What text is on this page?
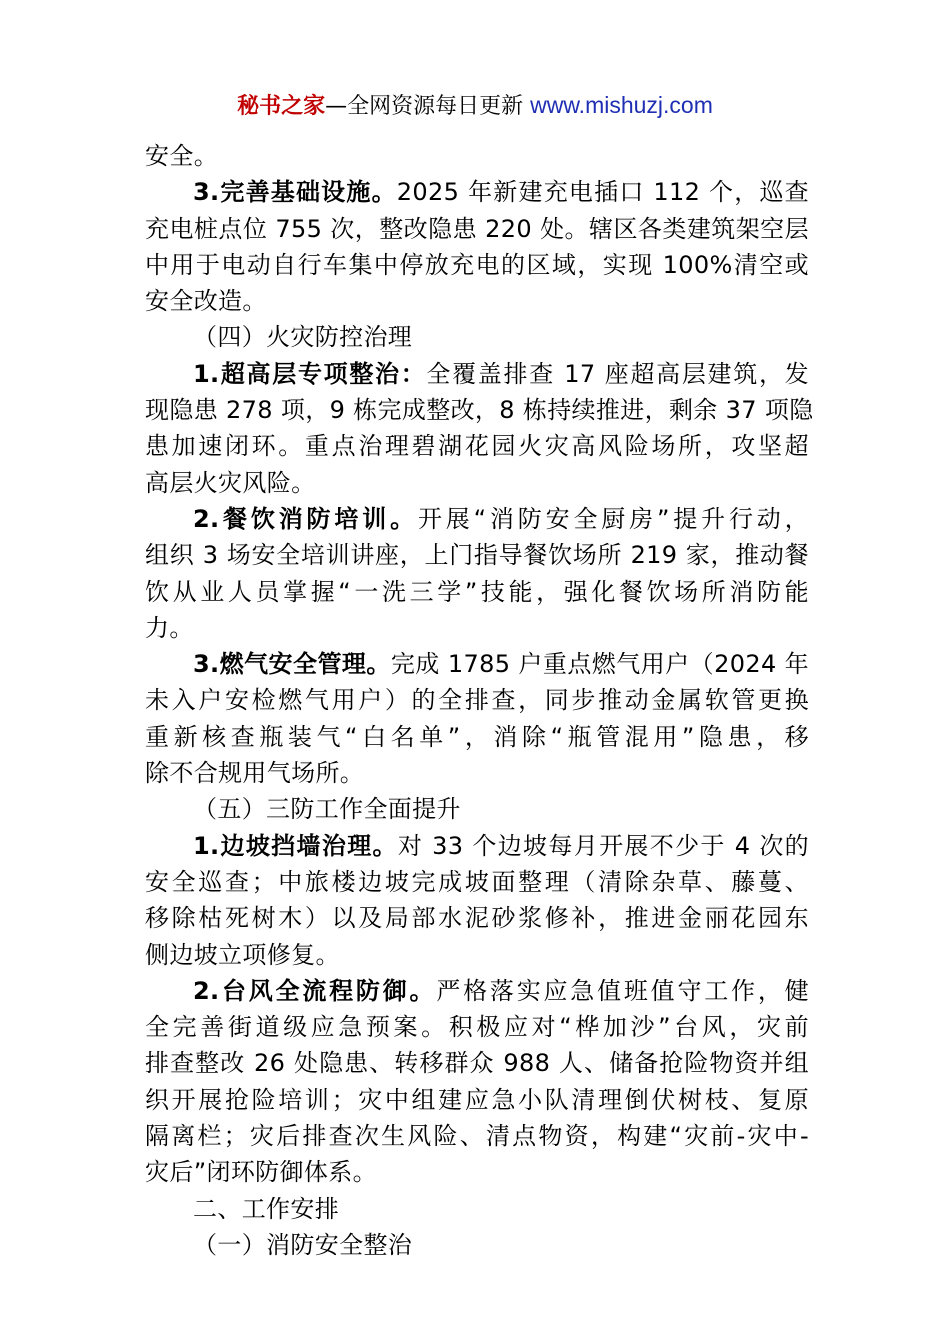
秘书之家—全网资源每日更新 www.mishuzj.com
安全。
3.完善基础设施。2025 年新建充电插口 112 个，巡查
充电桩点位 755 次，整改隐患 220 处。辖区各类建筑架空层
中用于电动自行车集中停放充电的区域，实现 100%清空或
安全改造。
（四）火灾防控治理
1.超高层专项整治：全覆盖排查 17 座超高层建筑，发
现隐患 278 项，9 栋完成整改，8 栋持续推进，剩余 37 项隐
患加速闭环。重点治理碧湖花园火灾高风险场所，攻坚超
高层火灾风险。
2.餐饮消防培训。开展“消防安全厨房”提升行动，
组织 3 场安全培训讲座，上门指导餐饮场所 219 家，推动餐
饮从业人员掌握“一洗三学”技能，强化餐饮场所消防能
力。
3.燃气安全管理。完成 1785 户重点燃气用户（2024 年
未入户安检燃气用户）的全排查，同步推动金属软管更换
重新核查瓶装气“白名单”，消除“瓶管混用”隐患，移
除不合规用气场所。
（五）三防工作全面提升
1.边坡挡墙治理。对 33 个边坡每月开展不少于 4 次的
安全巡查；中旅楼边坡完成坡面整理（清除杂草、藤蔓、
移除枯死树木）以及局部水泥砂浆修补，推进金丽花园东
侧边坡立项修复。
2.台风全流程防御。严格落实应急值班值守工作，健
全完善街道级应急预案。积极应对“桦加沙”台风，灾前
排查整改 26 处隐患、转移群众 988 人、储备抢险物资并组
织开展抢险培训；灾中组建应急小队清理倒伏树枝、复原
隔离栏；灾后排查次生风险、清点物资，构建“灾前-灾中-
灾后”闭环防御体系。
二、工作安排
（一）消防安全整治
